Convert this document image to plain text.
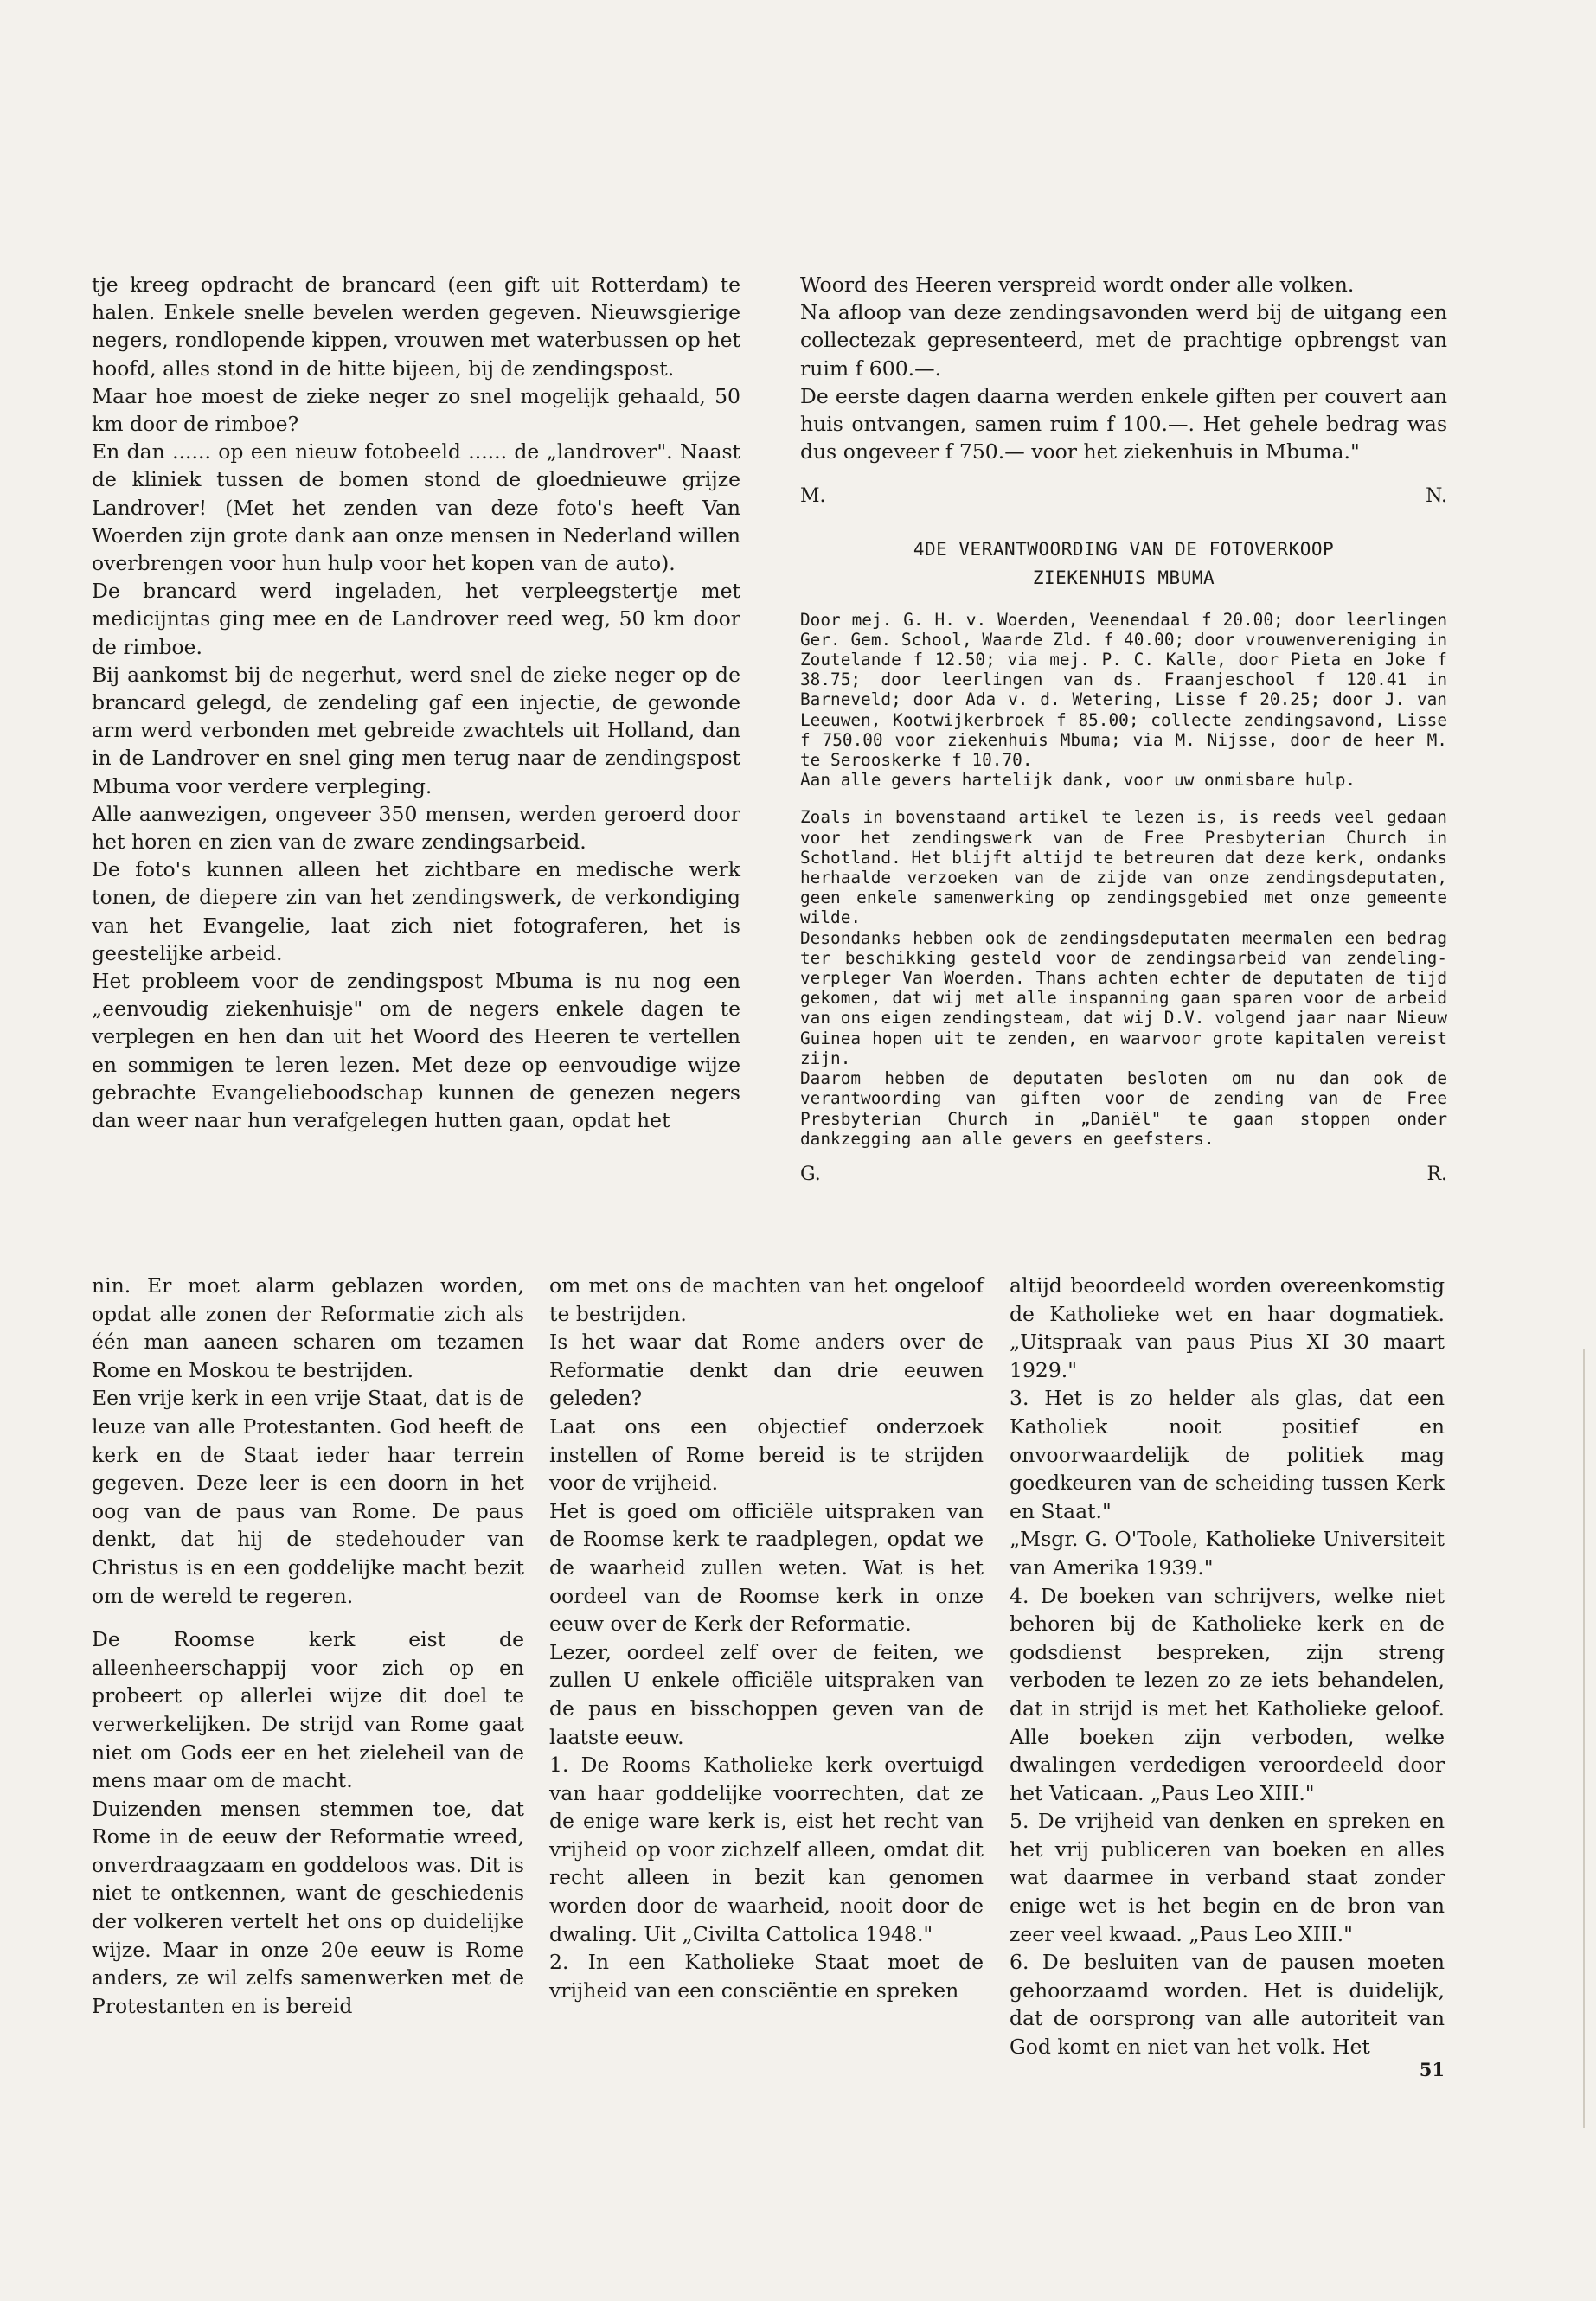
tje kreeg opdracht de brancard (een gift uit Rotterdam) te halen. Enkele snelle bevelen werden gegeven. Nieuwsgierige negers, rondlopende kippen, vrouwen met waterbussen op het hoofd, alles stond in de hitte bijeen, bij de zendingspost.

Maar hoe moest de zieke neger zo snel mogelijk gehaald, 50 km door de rimboe?

En dan ...... op een nieuw fotobeeld ...... de „landrover". Naast de kliniek tussen de bomen stond de gloednieuwe grijze Landrover! (Met het zenden van deze foto's heeft Van Woerden zijn grote dank aan onze mensen in Nederland willen overbrengen voor hun hulp voor het kopen van de auto).

De brancard werd ingeladen, het verpleegstertje met medicijntas ging mee en de Landrover reed weg, 50 km door de rimboe.

Bij aankomst bij de negerhut, werd snel de zieke neger op de brancard gelegd, de zendeling gaf een injectie, de gewonde arm werd verbonden met gebreide zwachtels uit Holland, dan in de Landrover en snel ging men terug naar de zendingspost Mbuma voor verdere verpleging.

Alle aanwezigen, ongeveer 350 mensen, werden geroerd door het horen en zien van de zware zendingsarbeid.

De foto's kunnen alleen het zichtbare en medische werk tonen, de diepere zin van het zendingswerk, de verkondiging van het Evangelie, laat zich niet fotograferen, het is geestelijke arbeid.

Het probleem voor de zendingspost Mbuma is nu nog een „eenvoudig ziekenhuisje" om de negers enkele dagen te verplegen en hen dan uit het Woord des Heeren te vertellen en sommigen te leren lezen. Met deze op eenvoudige wijze gebrachte Evangelieboodschap kunnen de genezen negers dan weer naar hun verafgelegen hutten gaan, opdat het

Woord des Heeren verspreid wordt onder alle volken.

Na afloop van deze zendingsavonden werd bij de uitgang een collectezak gepresenteerd, met de prachtige opbrengst van ruim f 600.—.

De eerste dagen daarna werden enkele giften per couvert aan huis ontvangen, samen ruim f 100.—. Het gehele bedrag was dus ongeveer f 750.— voor het ziekenhuis in Mbuma."

M.	N.
4DE VERANTWOORDING VAN DE FOTOVERKOOP
ZIEKENHUIS MBUMA

Door mej. G. H. v. Woerden, Veenendaal f 20.00; door leerlingen Ger. Gem. School, Waarde Zld. f 40.00; door vrouwenvereniging in Zoutelande f 12.50; via mej. P. C. Kalle, door Pieta en Joke f 38.75; door leerlingen van ds. Fraanjeschool f 120.41 in Barneveld; door Ada v. d. Wetering, Lisse f 20.25; door J. van Leeuwen, Kootwijkerbroek f 85.00; collecte zendingsavond, Lisse f 750.00 voor ziekenhuis Mbuma; via M. Nijsse, door de heer M. te Serooskerke f 10.70.

Aan alle gevers hartelijk dank, voor uw onmisbare hulp.

Zoals in bovenstaand artikel te lezen is, is reeds veel gedaan voor het zendingswerk van de Free Presbyterian Church in Schotland. Het blijft altijd te betreuren dat deze kerk, ondanks herhaalde verzoeken van de zijde van onze zendingsdeputaten, geen enkele samenwerking op zendingsgebied met onze gemeente wilde.

Desondanks hebben ook de zendingsdeputaten meermalen een bedrag ter beschikking gesteld voor de zendingsarbeid van zendeling-verpleger Van Woerden. Thans achten echter de deputaten de tijd gekomen, dat wij met alle inspanning gaan sparen voor de arbeid van ons eigen zendingsteam, dat wij D.V. volgend jaar naar Nieuw Guinea hopen uit te zenden, en waarvoor grote kapitalen vereist zijn.

Daarom hebben de deputaten besloten om nu dan ook de verantwoording van giften voor de zending van de Free Presbyterian Church in „Daniël" te gaan stoppen onder dankzegging aan alle gevers en geefsters.

G.	R.

nin. Er moet alarm geblazen worden, opdat alle zonen der Reformatie zich als één man aaneen scharen om tezamen Rome en Moskou te bestrijden.

Een vrije kerk in een vrije Staat, dat is de leuze van alle Protestanten. God heeft de kerk en de Staat ieder haar terrein gegeven. Deze leer is een doorn in het oog van de paus van Rome. De paus denkt, dat hij de stedehouder van Christus is en een goddelijke macht bezit om de wereld te regeren.

De Roomse kerk eist de alleenheerschappij voor zich op en probeert op allerlei wijze dit doel te verwerkelijken. De strijd van Rome gaat niet om Gods eer en het zieleheil van de mens maar om de macht.

Duizenden mensen stemmen toe, dat Rome in de eeuw der Reformatie wreed, onverdraagzaam en goddeloos was. Dit is niet te ontkennen, want de geschiedenis der volkeren vertelt het ons op duidelijke wijze. Maar in onze 20e eeuw is Rome anders, ze wil zelfs samenwerken met de Protestanten en is bereid

om met ons de machten van het ongeloof te bestrijden.

Is het waar dat Rome anders over de Reformatie denkt dan drie eeuwen geleden?

Laat ons een objectief onderzoek instellen of Rome bereid is te strijden voor de vrijheid.

Het is goed om officiële uitspraken van de Roomse kerk te raadplegen, opdat we de waarheid zullen weten. Wat is het oordeel van de Roomse kerk in onze eeuw over de Kerk der Reformatie.

Lezer, oordeel zelf over de feiten, we zullen U enkele officiële uitspraken van de paus en bisschoppen geven van de laatste eeuw.

1. De Rooms Katholieke kerk overtuigd van haar goddelijke voorrechten, dat ze de enige ware kerk is, eist het recht van vrijheid op voor zichzelf alleen, omdat dit recht alleen in bezit kan genomen worden door de waarheid, nooit door de dwaling. Uit „Civilta Cattolica 1948."

2. In een Katholieke Staat moet de vrijheid van een consciëntie en spreken

altijd beoordeeld worden overeenkomstig de Katholieke wet en haar dogmatiek. „Uitspraak van paus Pius XI 30 maart 1929."

3. Het is zo helder als glas, dat een Katholiek nooit positief en onvoorwaardelijk de politiek mag goedkeuren van de scheiding tussen Kerk en Staat."

„Msgr. G. O'Toole, Katholieke Universiteit van Amerika 1939."

4. De boeken van schrijvers, welke niet behoren bij de Katholieke kerk en de godsdienst bespreken, zijn streng verboden te lezen zo ze iets behandelen, dat in strijd is met het Katholieke geloof. Alle boeken zijn verboden, welke dwalingen verdedigen veroordeeld door het Vaticaan. „Paus Leo XIII."

5. De vrijheid van denken en spreken en het vrij publiceren van boeken en alles wat daarmee in verband staat zonder enige wet is het begin en de bron van zeer veel kwaad. „Paus Leo XIII."

6. De besluiten van de pausen moeten gehoorzaamd worden. Het is duidelijk, dat de oorsprong van alle autoriteit van God komt en niet van het volk. Het

51
